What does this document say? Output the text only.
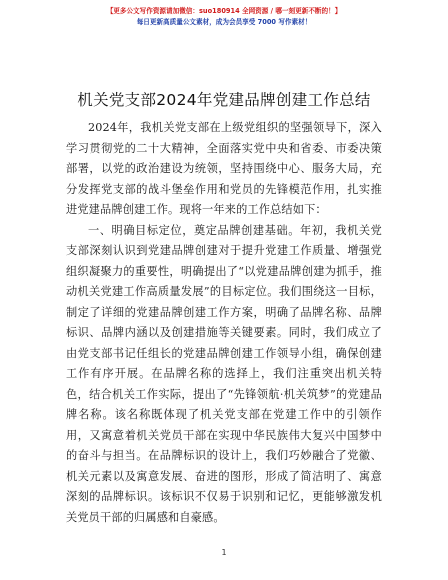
【更多公文写作资源请加微信：suo180914 全网资源 / 哪一刻更新不断的！】
每日更新高质量公文素材，成为会员享受 7000 写作素材！
机关党支部2024年党建品牌创建工作总结

2024年，我机关党支部在上级党组织的坚强领导下，深入学习贯彻党的二十大精神，全面落实党中央和省委、市委决策部署，以党的政治建设为统领，坚持围绕中心、服务大局，充分发挥党支部的战斗堡垒作用和党员的先锋模范作用，扎实推进党建品牌创建工作。现将一年来的工作总结如下：

一、明确目标定位，奠定品牌创建基础。年初，我机关党支部深刻认识到党建品牌创建对于提升党建工作质量、增强党组织凝聚力的重要性，明确提出了“以党建品牌创建为抓手，推动机关党建工作高质量发展”的目标定位。我们围绕这一目标，制定了详细的党建品牌创建工作方案，明确了品牌名称、品牌标识、品牌内涵以及创建措施等关键要素。同时，我们成立了由党支部书记任组长的党建品牌创建工作领导小组，确保创建工作有序开展。在品牌名称的选择上，我们注重突出机关特色，结合机关工作实际，提出了“先锋领航·机关筑梦”的党建品牌名称。该名称既体现了机关党支部在党建工作中的引领作用，又寓意着机关党员干部在实现中华民族伟大复兴中国梦中的奋斗与担当。在品牌标识的设计上，我们巧妙融合了党徽、机关元素以及寓意发展、奋进的图形，形成了简洁明了、寓意深刻的品牌标识。该标识不仅易于识别和记忆，更能够激发机关党员干部的归属感和自豪感。

1
